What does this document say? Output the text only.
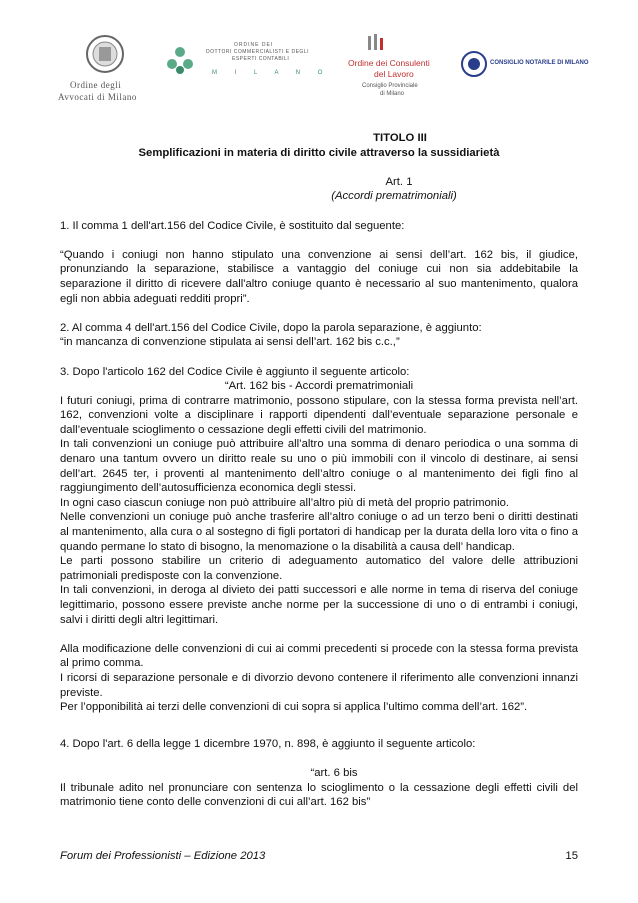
Ordine degli
Avvocati di Milano
ORDINE DEI
DOTTORI COMMERCIALISTI E DEGLI
ESPERTI CONTABILI
M I L A N O
Ordine dei Consulenti
del Lavoro
Consiglio Provinciale
di Milano
CONSIGLIO NOTARILE DI MILANO
TITOLO III
Semplificazioni in materia di diritto civile attraverso la sussidiarietà
Art. 1
(Accordi prematrimoniali)

1. Il comma 1 dell'art.156 del Codice Civile, è sostituito dal seguente:

“Quando i coniugi non hanno stipulato una convenzione ai sensi dell’art. 162 bis, il giudice, pronunziando la separazione, stabilisce a vantaggio del coniuge cui non sia addebitabile la separazione il diritto di ricevere dall'altro coniuge quanto è necessario al suo mantenimento, qualora egli non abbia adeguati redditi propri”.

2. Al comma 4 dell'art.156 del Codice Civile, dopo la parola separazione, è aggiunto:

“in mancanza di convenzione stipulata ai sensi dell’art. 162 bis c.c.,”

3. Dopo l'articolo 162 del Codice Civile è aggiunto il seguente articolo:

“Art. 162 bis - Accordi prematrimoniali

I futuri coniugi, prima di contrarre matrimonio, possono stipulare, con la stessa forma prevista nell’art. 162, convenzioni volte a disciplinare i rapporti dipendenti dall’eventuale separazione personale e dall’eventuale scioglimento o cessazione degli effetti civili del matrimonio.

In tali convenzioni un coniuge può attribuire all’altro una somma di denaro periodica o una somma di denaro una tantum ovvero un diritto reale su uno o più immobili con il vincolo di destinare, ai sensi dell’art. 2645 ter, i proventi al mantenimento dell’altro coniuge o al mantenimento dei figli fino al raggiungimento dell’autosufficienza economica degli stessi.

In ogni caso ciascun coniuge non può attribuire all’altro più di metà del proprio patrimonio.

Nelle convenzioni un coniuge può anche trasferire all’altro coniuge o ad un terzo beni o diritti destinati al mantenimento, alla cura o al sostegno di figli portatori di handicap per la durata della loro vita o fino a quando permane lo stato di bisogno, la menomazione o la disabilità a causa dell’ handicap.

Le parti possono stabilire un criterio di adeguamento automatico del valore delle attribuzioni patrimoniali predisposte con la convenzione.

In tali convenzioni, in deroga al divieto dei patti successori e alle norme in tema di riserva del coniuge legittimario, possono essere previste anche norme per la successione di uno o di entrambi i coniugi, salvi i diritti degli altri legittimari.

Alla modificazione delle convenzioni di cui ai commi precedenti si procede con la stessa forma prevista al primo comma.

I ricorsi di separazione personale e di divorzio devono contenere il riferimento alle convenzioni innanzi previste.

Per l’opponibilità ai terzi delle convenzioni di cui sopra si applica l’ultimo comma dell’art. 162”.

4. Dopo l'art. 6 della legge 1 dicembre 1970, n. 898, è aggiunto il seguente articolo:

“art. 6 bis

Il tribunale adito nel pronunciare con sentenza lo scioglimento o la cessazione degli effetti civili del matrimonio tiene conto delle convenzioni di cui all’art. 162 bis”

Forum dei Professionisti – Edizione 2013	15
